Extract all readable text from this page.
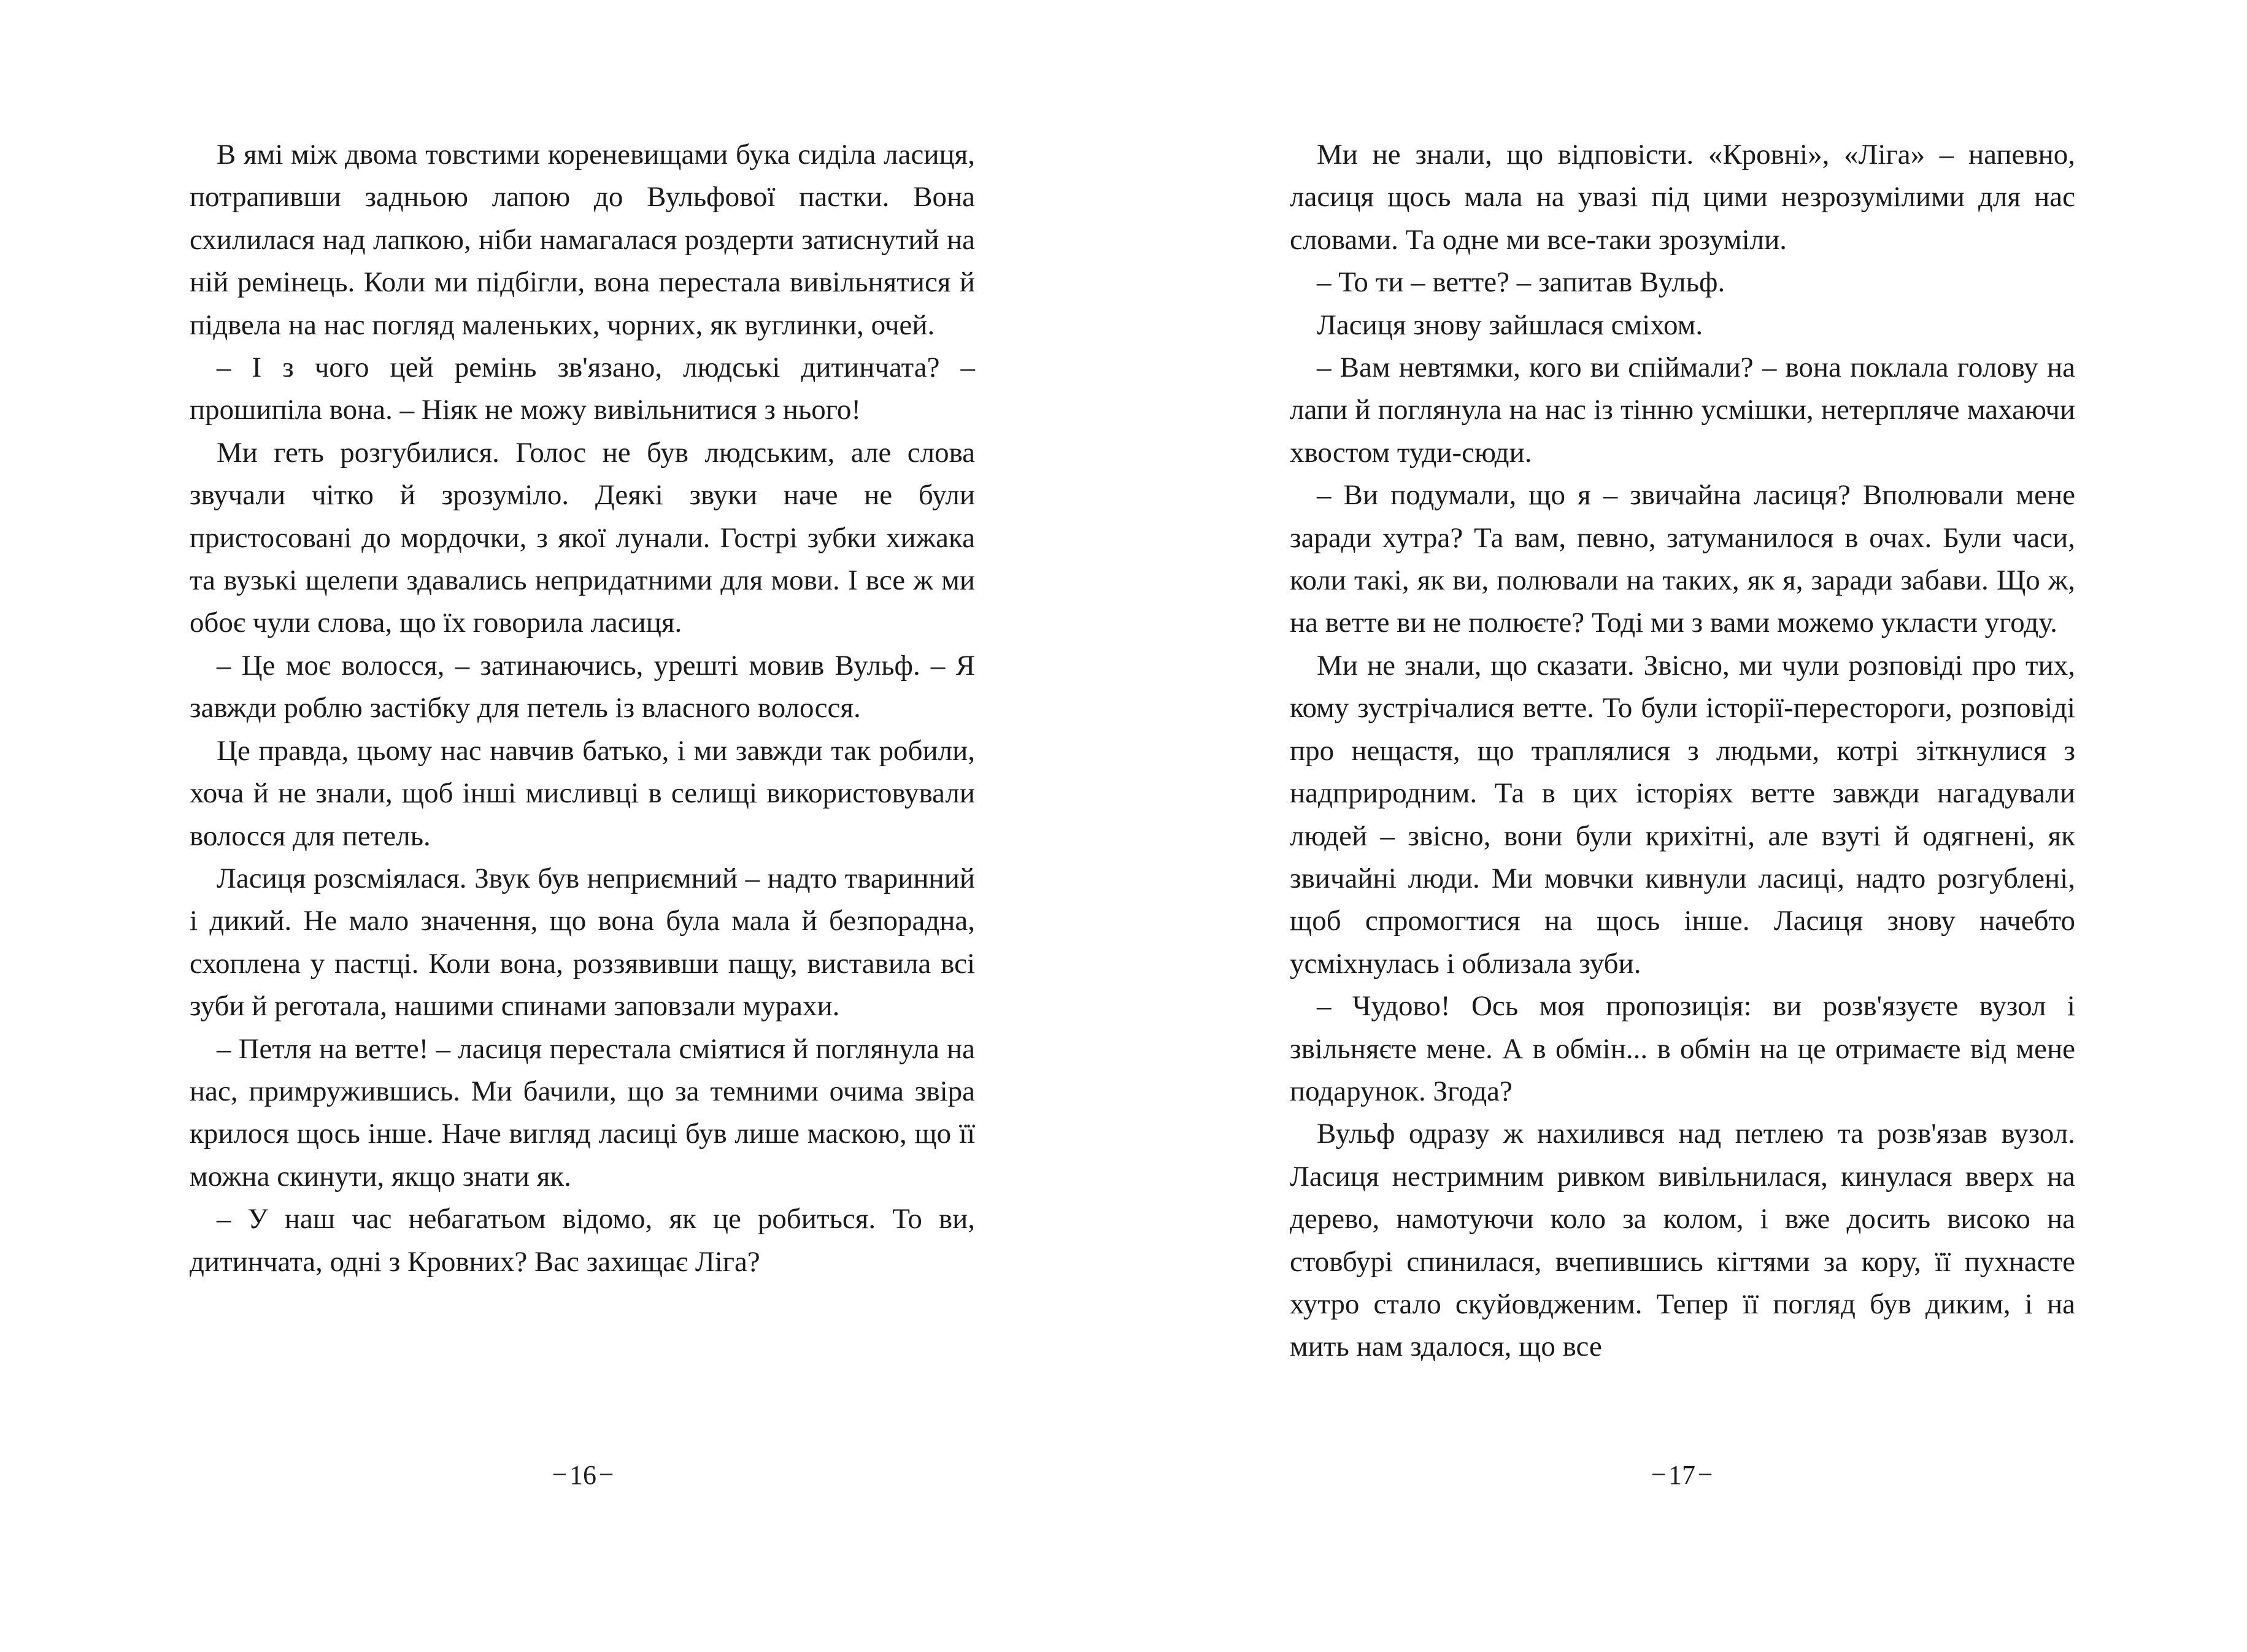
В ямі між двома товстими кореневищами бука сиділа ласиця, потрапивши задньою лапою до Вульфової пастки. Вона схилилася над лапкою, ніби намагалася роздерти затиснутий на ній ремінець. Коли ми підбігли, вона перестала вивільнятися й підвела на нас погляд маленьких, чорних, як вуглинки, очей.

– І з чого цей ремінь зв'язано, людські дитинчата? – прошипіла вона. – Ніяк не можу вивільнитися з нього!

Ми геть розгубилися. Голос не був людським, але слова звучали чітко й зрозуміло. Деякі звуки наче не були пристосовані до мордочки, з якої лунали. Гострі зубки хижака та вузькі щелепи здавались непридатними для мови. І все ж ми обоє чули слова, що їх говорила ласиця.

– Це моє волосся, – затинаючись, урешті мовив Вульф. – Я завжди роблю застібку для петель із власного волосся.

Це правда, цьому нас навчив батько, і ми завжди так робили, хоча й не знали, щоб інші мисливці в селищі використовували волосся для петель.

Ласиця розсміялася. Звук був неприємний – надто тваринний і дикий. Не мало значення, що вона була мала й безпорадна, схоплена у пастці. Коли вона, роззявивши пащу, виставила всі зуби й реготала, нашими спинами заповзали мурахи.

– Петля на ветте! – ласиця перестала сміятися й поглянула на нас, примружившись. Ми бачили, що за темними очима звіра крилося щось інше. Наче вигляд ласиці був лише маскою, що її можна скинути, якщо знати як.

– У наш час небагатьом відомо, як це робиться. То ви, дитинчата, одні з Кровних? Вас захищає Ліга?

– 16 –

Ми не знали, що відповісти. «Кровні», «Ліга» – напевно, ласиця щось мала на увазі під цими незрозумілими для нас словами. Та одне ми все-таки зрозуміли.

– То ти – ветте? – запитав Вульф.

Ласиця знову зайшлася сміхом.

– Вам невтямки, кого ви спіймали? – вона поклала голову на лапи й поглянула на нас із тінню усмішки, нетерпляче махаючи хвостом туди-сюди.

– Ви подумали, що я – звичайна ласиця? Вполювали мене заради хутра? Та вам, певно, затуманилося в очах. Були часи, коли такі, як ви, полювали на таких, як я, заради забави. Що ж, на ветте ви не полюєте? Тоді ми з вами можемо укласти угоду.

Ми не знали, що сказати. Звісно, ми чули розповіді про тих, кому зустрічалися ветте. То були історії-перестороги, розповіді про нещастя, що траплялися з людьми, котрі зіткнулися з надприродним. Та в цих історіях ветте завжди нагадували людей – звісно, вони були крихітні, але взуті й одягнені, як звичайні люди. Ми мовчки кивнули ласиці, надто розгублені, щоб спромогтися на щось інше. Ласиця знову начебто усміхнулась і облизала зуби.

– Чудово! Ось моя пропозиція: ви розв'язуєте вузол і звільняєте мене. А в обмін... в обмін на це отримаєте від мене подарунок. Згода?

Вульф одразу ж нахилився над петлею та розв'язав вузол. Ласиця нестримним ривком вивільнилася, кинулася вверх на дерево, намотуючи коло за колом, і вже досить високо на стовбурі спинилася, вчепившись кігтями за кору, її пухнасте хутро стало скуйовдженим. Тепер її погляд був диким, і на мить нам здалося, що все

– 17 –
